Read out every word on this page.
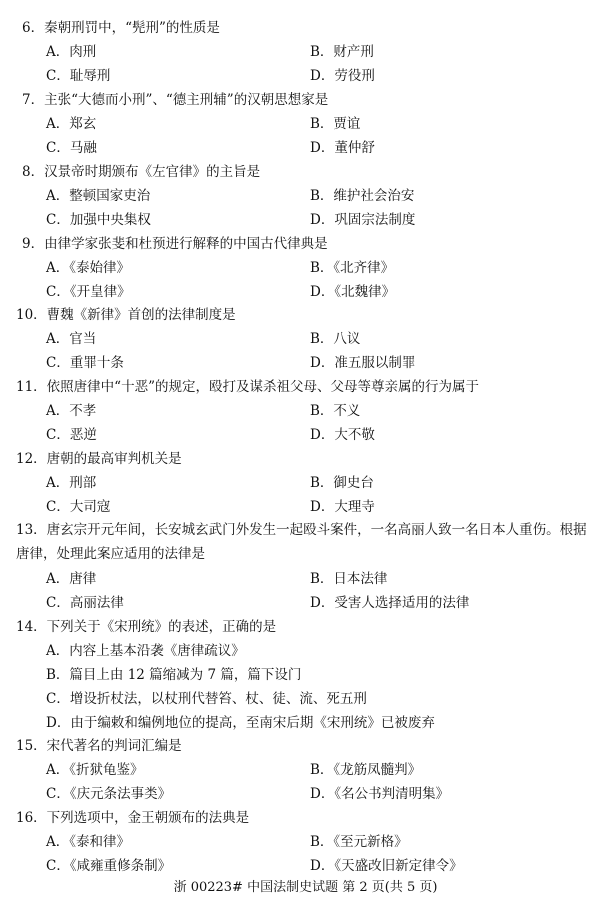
6．秦朝刑罚中，“髡刑”的性质是
A．肉刑	B．财产刑
C．耻辱刑	D．劳役刑
7．主张“大德而小刑”、“德主刑辅”的汉朝思想家是
A．郑玄	B．贾谊
C．马融	D．董仲舒
8．汉景帝时期颁布《左官律》的主旨是
A．整顿国家吏治	B．维护社会治安
C．加强中央集权	D．巩固宗法制度
9．由律学家张斐和杜预进行解释的中国古代律典是
A．《泰始律》	B．《北齐律》
C．《开皇律》	D．《北魏律》
10．曹魏《新律》首创的法律制度是
A．官当	B．八议
C．重罪十条	D．准五服以制罪
11．依照唐律中“十恶”的规定，殴打及谋杀祖父母、父母等尊亲属的行为属于
A．不孝	B．不义
C．恶逆	D．大不敬
12．唐朝的最高审判机关是
A．刑部	B．御史台
C．大司寇	D．大理寺
13．唐玄宗开元年间，长安城玄武门外发生一起殴斗案件，一名高丽人致一名日本人重伤。根据唐律，处理此案应适用的法律是
A．唐律	B．日本法律
C．高丽法律	D．受害人选择适用的法律
14．下列关于《宋刑统》的表述，正确的是
A．内容上基本沿袭《唐律疏议》
B．篇目上由 12 篇缩减为 7 篇，篇下设门
C．增设折杖法，以杖刑代替笞、杖、徒、流、死五刑
D．由于编敕和编例地位的提高，至南宋后期《宋刑统》已被废弃
15．宋代著名的判词汇编是
A．《折狱龟鉴》	B．《龙筋凤髓判》
C．《庆元条法事类》	D．《名公书判清明集》
16．下列选项中，金王朝颁布的法典是
A．《泰和律》	B．《至元新格》
C．《咸雍重修条制》	D．《天盛改旧新定律令》
浙 00223# 中国法制史试题 第 2 页(共 5 页)
